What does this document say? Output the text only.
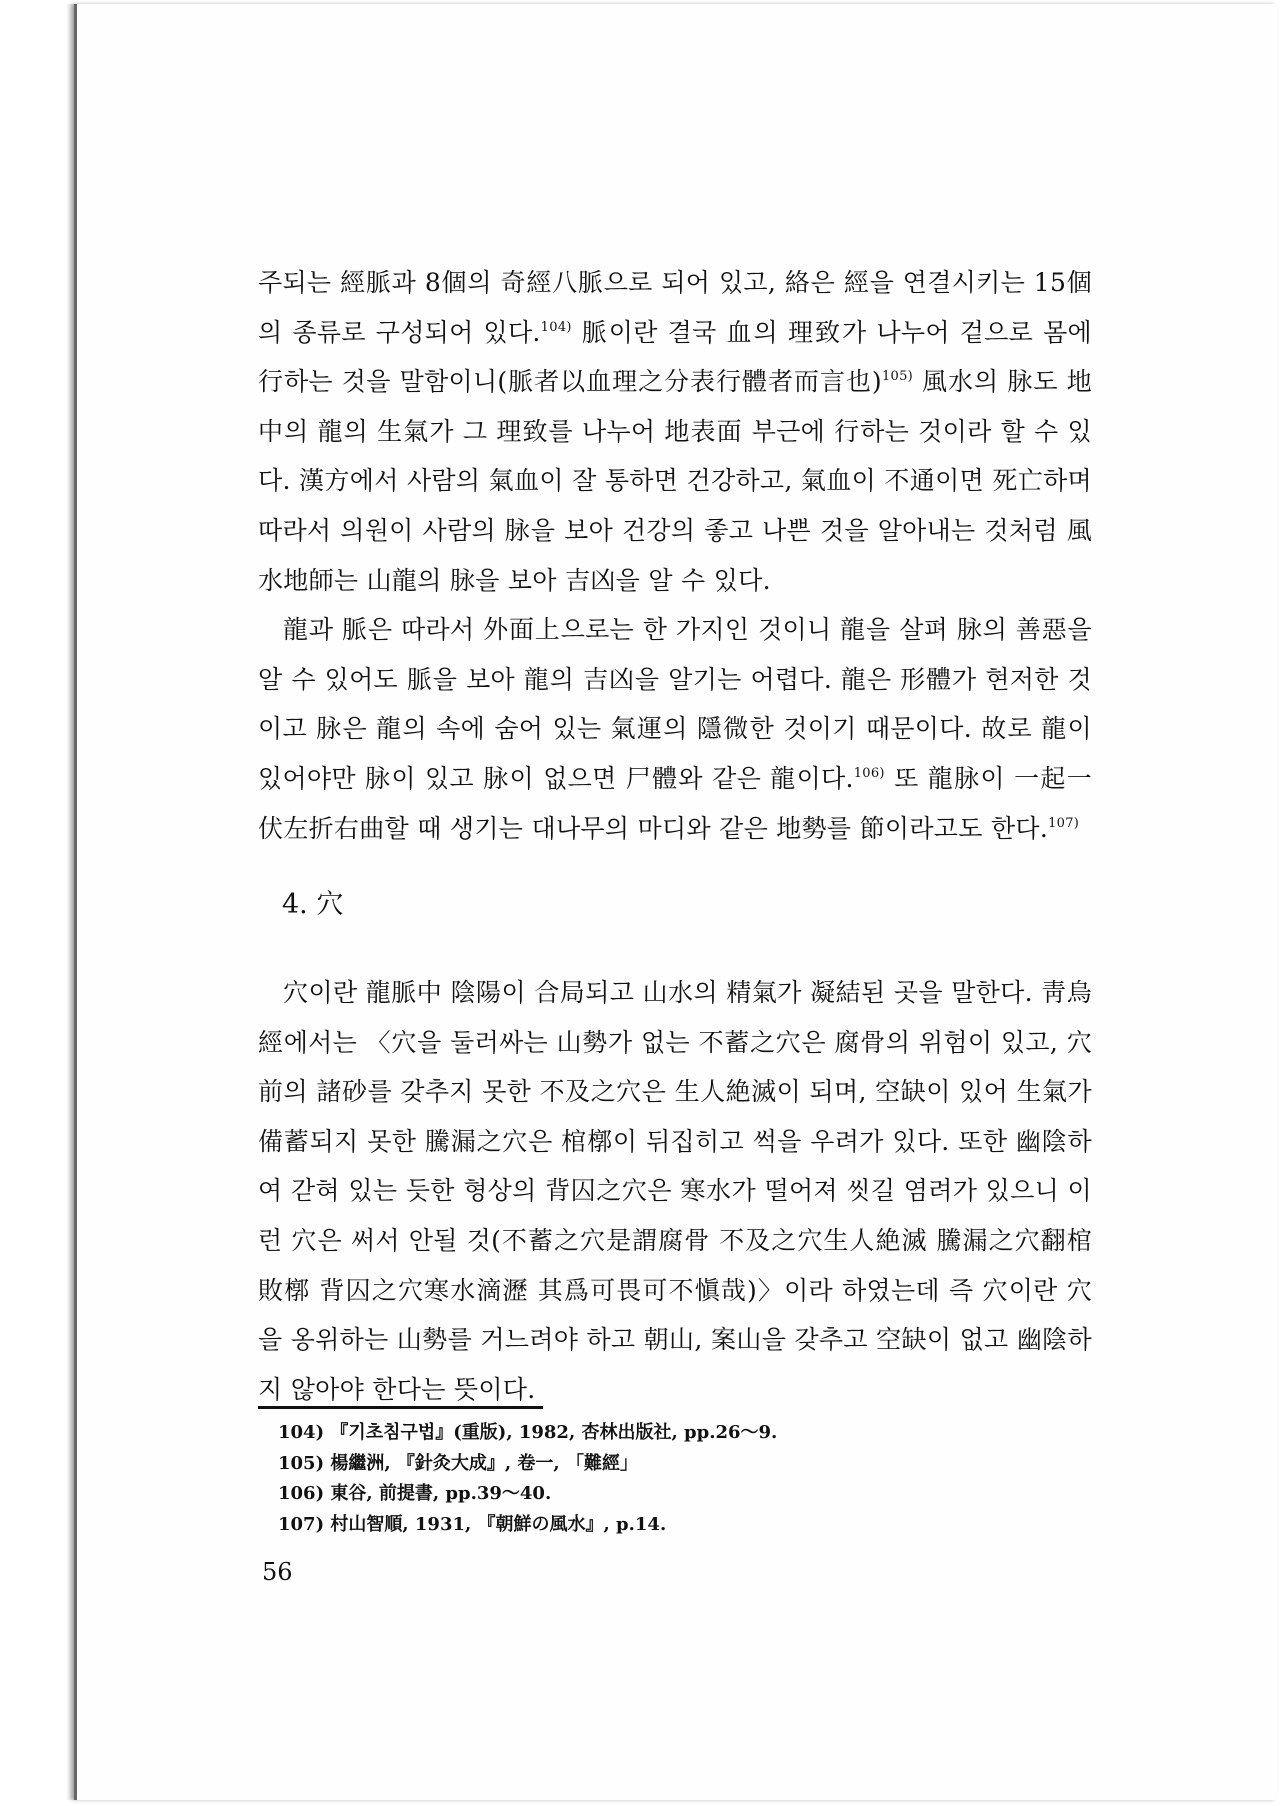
주되는 經脈과 8個의 奇經八脈으로 되어 있고, 絡은 經을 연결시키는 15個의 종류로 구성되어 있다.$^{104)}$ 脈이란 결국 血의 理致가 나누어 겉으로 몸에 行하는 것을 말함이니(脈者以血理之分表行體者而言也)$^{105)}$ 風水의 脉도 地中의 龍의 生氣가 그 理致를 나누어 地表面 부근에 行하는 것이라 할 수 있다. 漢方에서 사람의 氣血이 잘 통하면 건강하고, 氣血이 不通이면 死亡하며 따라서 의원이 사람의 脉을 보아 건강의 좋고 나쁜 것을 알아내는 것처럼 風水地師는 山龍의 脉을 보아 吉凶을 알 수 있다.

龍과 脈은 따라서 外面上으로는 한 가지인 것이니 龍을 살펴 脉의 善惡을 알 수 있어도 脈을 보아 龍의 吉凶을 알기는 어렵다. 龍은 形體가 현저한 것이고 脉은 龍의 속에 숨어 있는 氣運의 隱微한 것이기 때문이다. 故로 龍이 있어야만 脉이 있고 脉이 없으면 尸體와 같은 龍이다.$^{106)}$ 또 龍脉이 一起一伏左折右曲할 때 생기는 대나무의 마디와 같은 地勢를 節이라고도 한다.$^{107)}$

4. 穴

穴이란 龍脈中 陰陽이 合局되고 山水의 精氣가 凝結된 곳을 말한다. 靑烏經에서는 〈穴을 둘러싸는 山勢가 없는 不蓄之穴은 腐骨의 위험이 있고, 穴前의 諸砂를 갖추지 못한 不及之穴은 生人絶滅이 되며, 空缺이 있어 生氣가 備蓄되지 못한 騰漏之穴은 棺槨이 뒤집히고 썩을 우려가 있다. 또한 幽陰하여 갇혀 있는 듯한 형상의 背囚之穴은 寒水가 떨어져 씻길 염려가 있으니 이런 穴은 써서 안될 것(不蓄之穴是謂腐骨 不及之穴生人絶滅 騰漏之穴翻棺敗槨 背囚之穴寒水滴瀝 其爲可畏可不愼哉)〉이라 하였는데 즉 穴이란 穴을 옹위하는 山勢를 거느려야 하고 朝山, 案山을 갖추고 空缺이 없고 幽陰하지 않아야 한다는 뜻이다.

104) 『기초침구법』(重版), 1982, 杏林出版社, pp.26～9.

105) 楊繼洲, 『針灸大成』, 卷一, 「難經」

106) 東谷, 前提書, pp.39～40.

107) 村山智順, 1931, 『朝鮮の風水』, p.14.

56
